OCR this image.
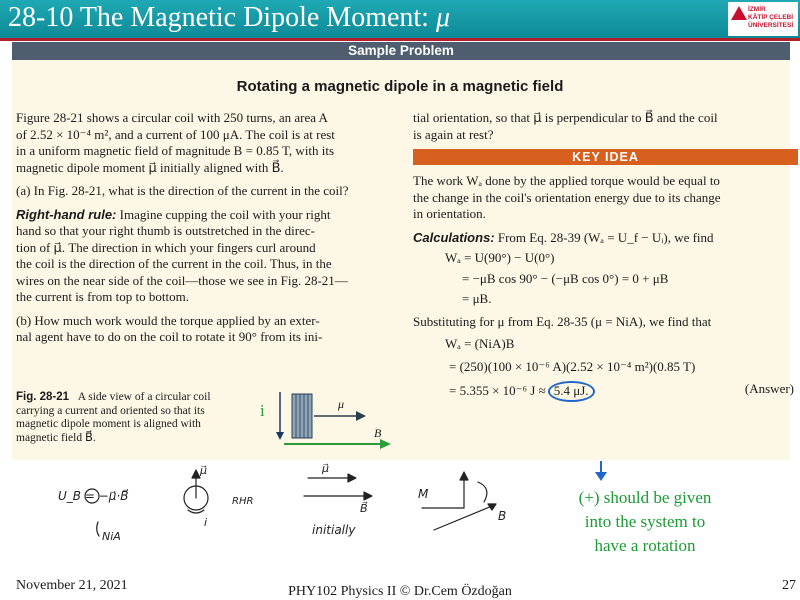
28-10 The Magnetic Dipole Moment: μ	İZMİR
KÂTİP ÇELEBİ
ÜNİVERSİTESİ
Sample Problem
Rotating a magnetic dipole in a magnetic field

Figure 28-21 shows a circular coil with 250 turns, an area A

of 2.52 × 10⁻⁴ m², and a current of 100 μA. The coil is at rest

in a uniform magnetic field of magnitude B = 0.85 T, with its

magnetic dipole moment μ⃗ initially aligned with B⃗.

(a) In Fig. 28-21, what is the direction of the current in the coil?

Right-hand rule: Imagine cupping the coil with your right

hand so that your right thumb is outstretched in the direc-

tion of μ⃗. The direction in which your fingers curl around

the coil is the direction of the current in the coil. Thus, in the

wires on the near side of the coil—those we see in Fig. 28-21—

the current is from top to bottom.

(b) How much work would the torque applied by an exter-

nal agent have to do on the coil to rotate it 90° from its ini-

Fig. 28-21 A side view of a circular coil
carrying a current and oriented so that its
magnetic dipole moment is aligned with
magnetic field B⃗.
i	μ⃗
B⃗

tial orientation, so that μ⃗ is perpendicular to B⃗ and the coil

is again at rest?

KEY IDEA

The work Wₐ done by the applied torque would be equal to

the change in the coil's orientation energy due to its change

in orientation.

Calculations: From Eq. 28-39 (Wₐ = U_f − Uᵢ), we find

Wₐ = U(90°) − U(0°)

= −μB cos 90° − (−μB cos 0°) = 0 + μB

= μB.

Substituting for μ from Eq. 28-35 (μ = NiA), we find that

Wₐ = (NiA)B

= (250)(100 × 10⁻⁶ A)(2.52 × 10⁻⁴ m²)(0.85 T)

= 5.355 × 10⁻⁶ J ≈ 5.4 μJ.	(Answer)
(+) should be given
into the system to
have a rotation
U_B = −μ⃗·B⃗
NiA
μ⃗
i
RHR
μ⃗
B⃗
initially
M
B
November 21, 2021	PHY102 Physics II © Dr.Cem Özdoğan	27
